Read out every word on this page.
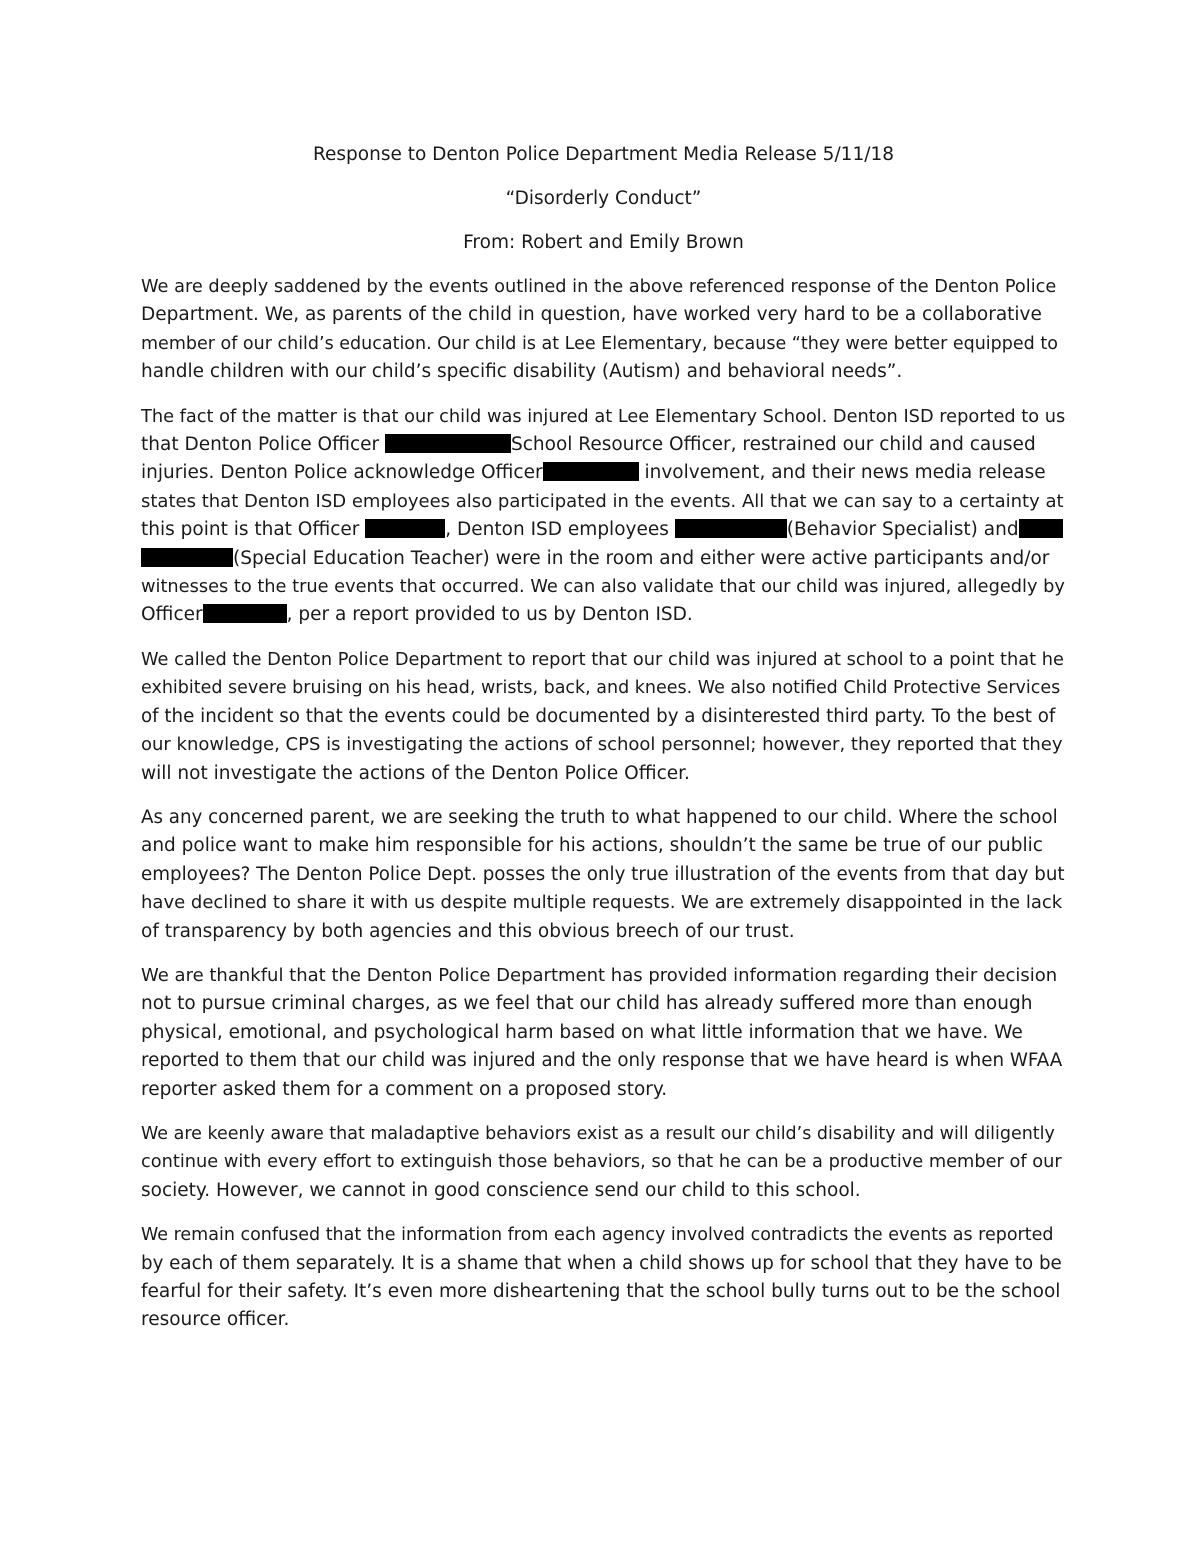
Response to Denton Police Department Media Release 5/11/18
“Disorderly Conduct”
From: Robert and Emily Brown
We are deeply saddened by the events outlined in the above referenced response of the Denton Police
Department. We, as parents of the child in question, have worked very hard to be a collaborative
member of our child’s education. Our child is at Lee Elementary, because “they were better equipped to
handle children with our child’s specific disability (Autism) and behavioral needs”.
The fact of the matter is that our child was injured at Lee Elementary School. Denton ISD reported to us
that Denton Police Officer	School Resource Officer, restrained our child and caused
injuries. Denton Police acknowledge Officer	involvement, and their news media release
states that Denton ISD employees also participated in the events. All that we can say to a certainty at
this point is that Officer	, Denton ISD employees	(Behavior Specialist) and
(Special Education Teacher) were in the room and either were active participants and/or
witnesses to the true events that occurred. We can also validate that our child was injured, allegedly by
Officer	, per a report provided to us by Denton ISD.
We called the Denton Police Department to report that our child was injured at school to a point that he
exhibited severe bruising on his head, wrists, back, and knees. We also notified Child Protective Services
of the incident so that the events could be documented by a disinterested third party. To the best of
our knowledge, CPS is investigating the actions of school personnel; however, they reported that they
will not investigate the actions of the Denton Police Officer.
As any concerned parent, we are seeking the truth to what happened to our child. Where the school
and police want to make him responsible for his actions, shouldn’t the same be true of our public
employees? The Denton Police Dept. posses the only true illustration of the events from that day but
have declined to share it with us despite multiple requests. We are extremely disappointed in the lack
of transparency by both agencies and this obvious breech of our trust.
We are thankful that the Denton Police Department has provided information regarding their decision
not to pursue criminal charges, as we feel that our child has already suffered more than enough
physical, emotional, and psychological harm based on what little information that we have. We
reported to them that our child was injured and the only response that we have heard is when WFAA
reporter asked them for a comment on a proposed story.
We are keenly aware that maladaptive behaviors exist as a result our child’s disability and will diligently
continue with every effort to extinguish those behaviors, so that he can be a productive member of our
society. However, we cannot in good conscience send our child to this school.
We remain confused that the information from each agency involved contradicts the events as reported
by each of them separately. It is a shame that when a child shows up for school that they have to be
fearful for their safety. It’s even more disheartening that the school bully turns out to be the school
resource officer.
